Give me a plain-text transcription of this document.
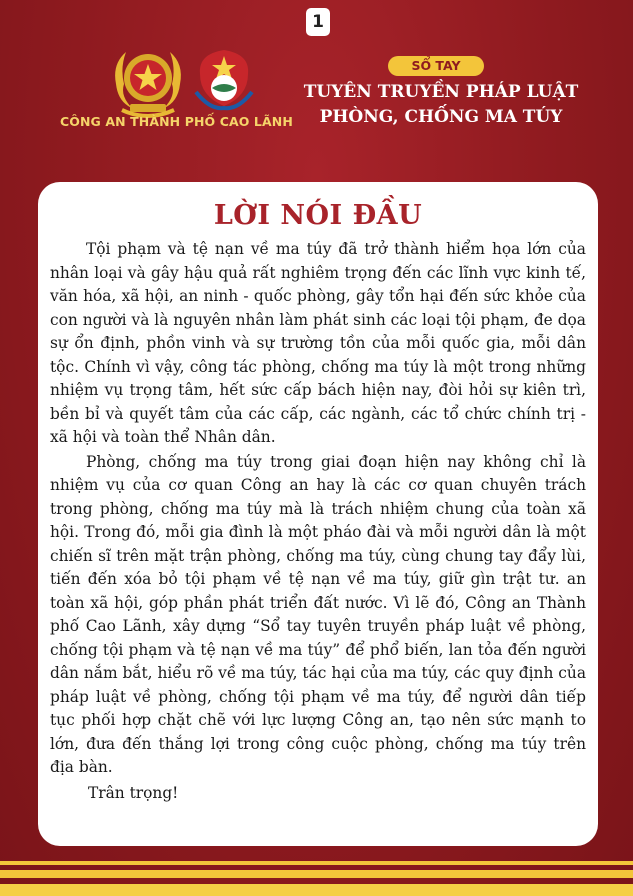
1
CÔNG AN THÀNH PHỐ CAO LÃNH
SỔ TAY
TUYÊN TRUYỀN PHÁP LUẬT
PHÒNG, CHỐNG MA TÚY
LỜI NÓI ĐẦU

Tội phạm và tệ nạn về ma túy đã trở thành hiểm họa lớn của nhân loại và gây hậu quả rất nghiêm trọng đến các lĩnh vực kinh tế, văn hóa, xã hội, an ninh - quốc phòng, gây tổn hại đến sức khỏe của con người và là nguyên nhân làm phát sinh các loại tội phạm, đe dọa sự ổn định, phồn vinh và sự trường tồn của mỗi quốc gia, mỗi dân tộc. Chính vì vậy, công tác phòng, chống ma túy là một trong những nhiệm vụ trọng tâm, hết sức cấp bách hiện nay, đòi hỏi sự kiên trì, bền bỉ và quyết tâm của các cấp, các ngành, các tổ chức chính trị - xã hội và toàn thể Nhân dân.

Phòng, chống ma túy trong giai đoạn hiện nay không chỉ là nhiệm vụ của cơ quan Công an hay là các cơ quan chuyên trách trong phòng, chống ma túy mà là trách nhiệm chung của toàn xã hội. Trong đó, mỗi gia đình là một pháo đài và mỗi người dân là một chiến sĩ trên mặt trận phòng, chống ma túy, cùng chung tay đẩy lùi, tiến đến xóa bỏ tội phạm về tệ nạn về ma túy, giữ gìn trật tư. an toàn xã hội, góp phần phát triển đất nước. Vì lẽ đó, Công an Thành phố Cao Lãnh, xây dựng “Sổ tay tuyên truyền pháp luật về phòng, chống tội phạm và tệ nạn về ma túy” để phổ biến, lan tỏa đến người dân nắm bắt, hiểu rõ về ma túy, tác hại của ma túy, các quy định của pháp luật về phòng, chống tội phạm về ma túy, để người dân tiếp tục phối hợp chặt chẽ với lực lượng Công an, tạo nên sức mạnh to lớn, đưa đến thắng lợi trong công cuộc phòng, chống ma túy trên địa bàn.

Trân trọng!
